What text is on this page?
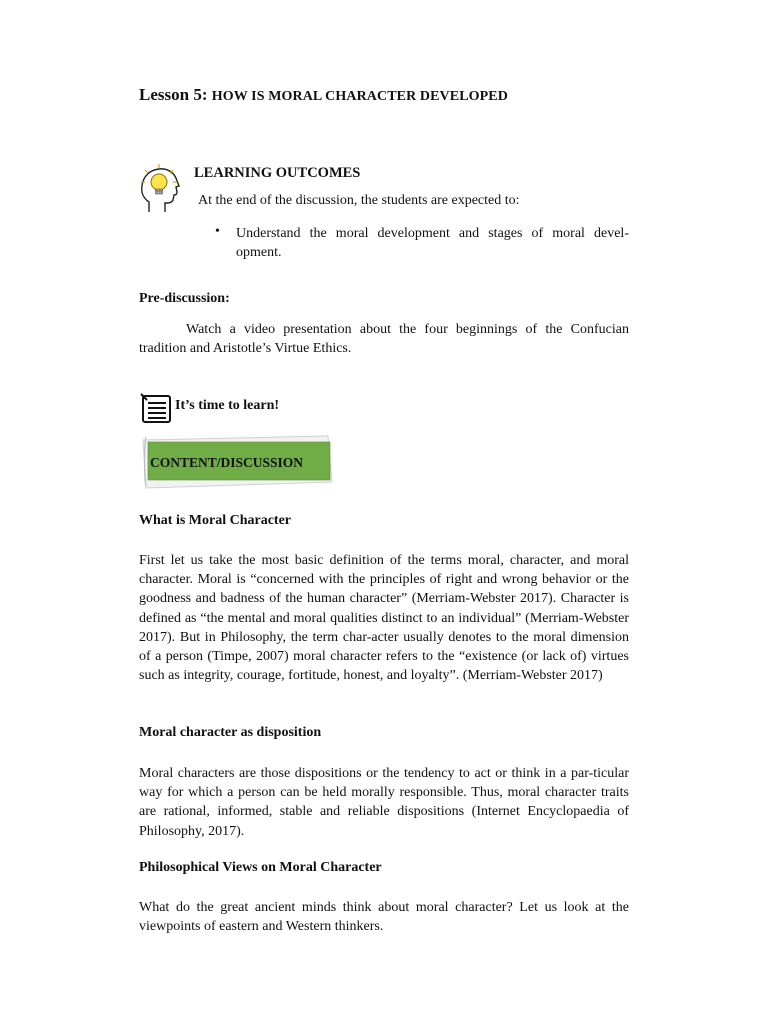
Lesson 5: HOW IS MORAL CHARACTER DEVELOPED
LEARNING OUTCOMES
At the end of the discussion, the students are expected to:
• Understand the moral development and stages of moral devel-opment.
Pre-discussion:
Watch a video presentation about the four beginnings of the Confucian tradition and Aristotle’s Virtue Ethics.
It’s time to learn!
CONTENT/DISCUSSION
What is Moral Character
First let us take the most basic definition of the terms moral, character, and moral character. Moral is “concerned with the principles of right and wrong behavior or the goodness and badness of the human character” (Merriam-Webster 2017). Character is defined as “the mental and moral qualities distinct to an individual” (Merriam-Webster 2017). But in Philosophy, the term char-acter usually denotes to the moral dimension of a person (Timpe, 2007) moral character refers to the “existence (or lack of) virtues such as integrity, courage, fortitude, honest, and loyalty”. (Merriam-Webster 2017)
Moral character as disposition
Moral characters are those dispositions or the tendency to act or think in a par-ticular way for which a person can be held morally responsible. Thus, moral character traits are rational, informed, stable and reliable dispositions (Internet Encyclopaedia of Philosophy, 2017).
Philosophical Views on Moral Character
What do the great ancient minds think about moral character? Let us look at the viewpoints of eastern and Western thinkers.
